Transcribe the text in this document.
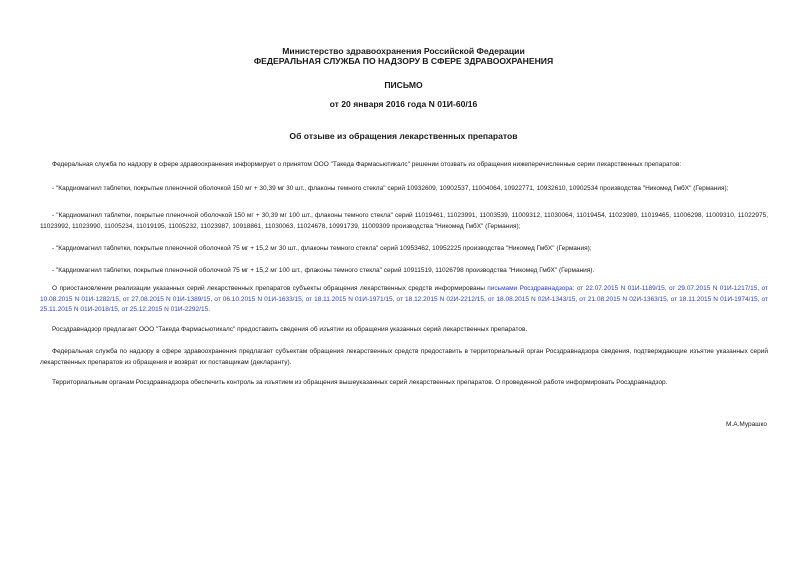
Министерство здравоохранения Российской Федерации
ФЕДЕРАЛЬНАЯ СЛУЖБА ПО НАДЗОРУ В СФЕРЕ ЗДРАВООХРАНЕНИЯ
ПИСЬМО
от 20 января 2016 года N 01И-60/16
Об отзыве из обращения лекарственных препаратов

Федеральная служба по надзору в сфере здравоохранения информирует о принятом ООО "Такеда Фармасьютикалс" решении отозвать из обращения нижеперечисленные серии лекарственных препаратов:

- "Кардиомагнил таблетки, покрытые пленочной оболочкой 150 мг + 30,39 мг 30 шт., флаконы темного стекла" серий 10932609, 10902537, 11004064, 10922771, 10932610, 10902534 производства "Никомед ГмбХ" (Германия);

- "Кардиомагнил таблетки, покрытые пленочной оболочкой 150 мг + 30,39 мг 100 шт., флаконы темного стекла" серий 11019461, 11023991, 11003539, 11009312, 11030064, 11019454, 11023989, 11019465, 11006298, 11009310, 11022975, 11023992, 11023990, 11005234, 11019195, 11005232, 11023987, 10918861, 11030063, 11024678, 10991739, 11009309 производства "Никомед ГмбХ" (Германия);

- "Кардиомагнил таблетки, покрытые пленочной оболочкой 75 мг + 15,2 мг 30 шт., флаконы темного стекла" серий 10953462, 10952225 производства "Никомед ГмбХ" (Германия);

- "Кардиомагнил таблетки, покрытые пленочной оболочкой 75 мг + 15,2 мг 100 шт., флаконы темного стекла" серий 10911519, 11026798 производства "Никомед ГмбХ" (Германия).

О приостановлении реализации указанных серий лекарственных препаратов субъекты обращения лекарственных средств информированы письмами Росздравнадзора: от 22.07.2015 N 01И-1189/15, от 29.07.2015 N 01И-1217/15, от 10.08.2015 N 01И-1282/15, от 27.08.2015 N 01И-1389/15, от 06.10.2015 N 01И-1633/15, от 18.11.2015 N 01И-1971/15, от 18.12.2015 N 02И-2212/15, от 18.08.2015 N 02И-1343/15, от 21.08.2015 N 02И-1363/15, от 18.11.2015 N 01И-1974/15, от 25.11.2015 N 01И-2018/15, от 25.12.2015 N 01И-2292/15.

Росздравнадзор предлагает ООО "Такеда Фармасьютикалс" предоставить сведения об изъятии из обращения указанных серий лекарственных препаратов.

Федеральная служба по надзору в сфере здравоохранения предлагает субъектам обращения лекарственных средств предоставить в территориальный орган Росздравнадзора сведения, подтверждающие изъятие указанных серий лекарственных препаратов из обращения и возврат их поставщикам (декларанту).

Территориальным органам Росздравнадзора обеспечить контроль за изъятием из обращения вышеуказанных серий лекарственных препаратов. О проведенной работе информировать Росздравнадзор.

М.А.Мурашко
